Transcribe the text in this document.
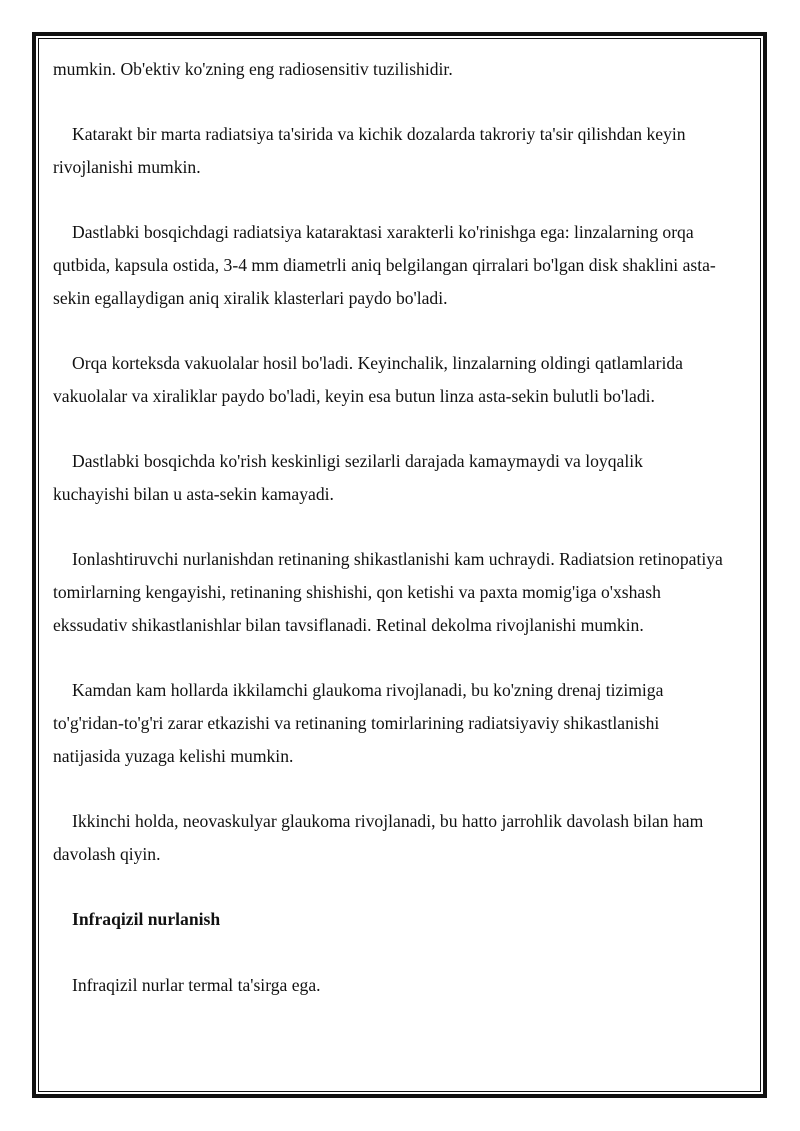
mumkin. Ob'ektiv ko'zning eng radiosensitiv tuzilishidir.

Katarakt bir marta radiatsiya ta'sirida va kichik dozalarda takroriy ta'sir qilishdan keyin rivojlanishi mumkin.

Dastlabki bosqichdagi radiatsiya kataraktasi xarakterli ko'rinishga ega: linzalarning orqa qutbida, kapsula ostida, 3-4 mm diametrli aniq belgilangan qirralari bo'lgan disk shaklini asta-sekin egallaydigan aniq xiralik klasterlari paydo bo'ladi.

Orqa korteksda vakuolalar hosil bo'ladi. Keyinchalik, linzalarning oldingi qatlamlarida vakuolalar va xiraliklar paydo bo'ladi, keyin esa butun linza asta-sekin bulutli bo'ladi.

Dastlabki bosqichda ko'rish keskinligi sezilarli darajada kamaymaydi va loyqalik kuchayishi bilan u asta-sekin kamayadi.

Ionlashtiruvchi nurlanishdan retinaning shikastlanishi kam uchraydi. Radiatsion retinopatiya tomirlarning kengayishi, retinaning shishishi, qon ketishi va paxta momig'iga o'xshash ekssudativ shikastlanishlar bilan tavsiflanadi. Retinal dekolma rivojlanishi mumkin.

Kamdan kam hollarda ikkilamchi glaukoma rivojlanadi, bu ko'zning drenaj tizimiga to'g'ridan-to'g'ri zarar etkazishi va retinaning tomirlarining radiatsiyaviy shikastlanishi natijasida yuzaga kelishi mumkin.

Ikkinchi holda, neovaskulyar glaukoma rivojlanadi, bu hatto jarrohlik davolash bilan ham davolash qiyin.

Infraqizil nurlanish

Infraqizil nurlar termal ta'sirga ega.
